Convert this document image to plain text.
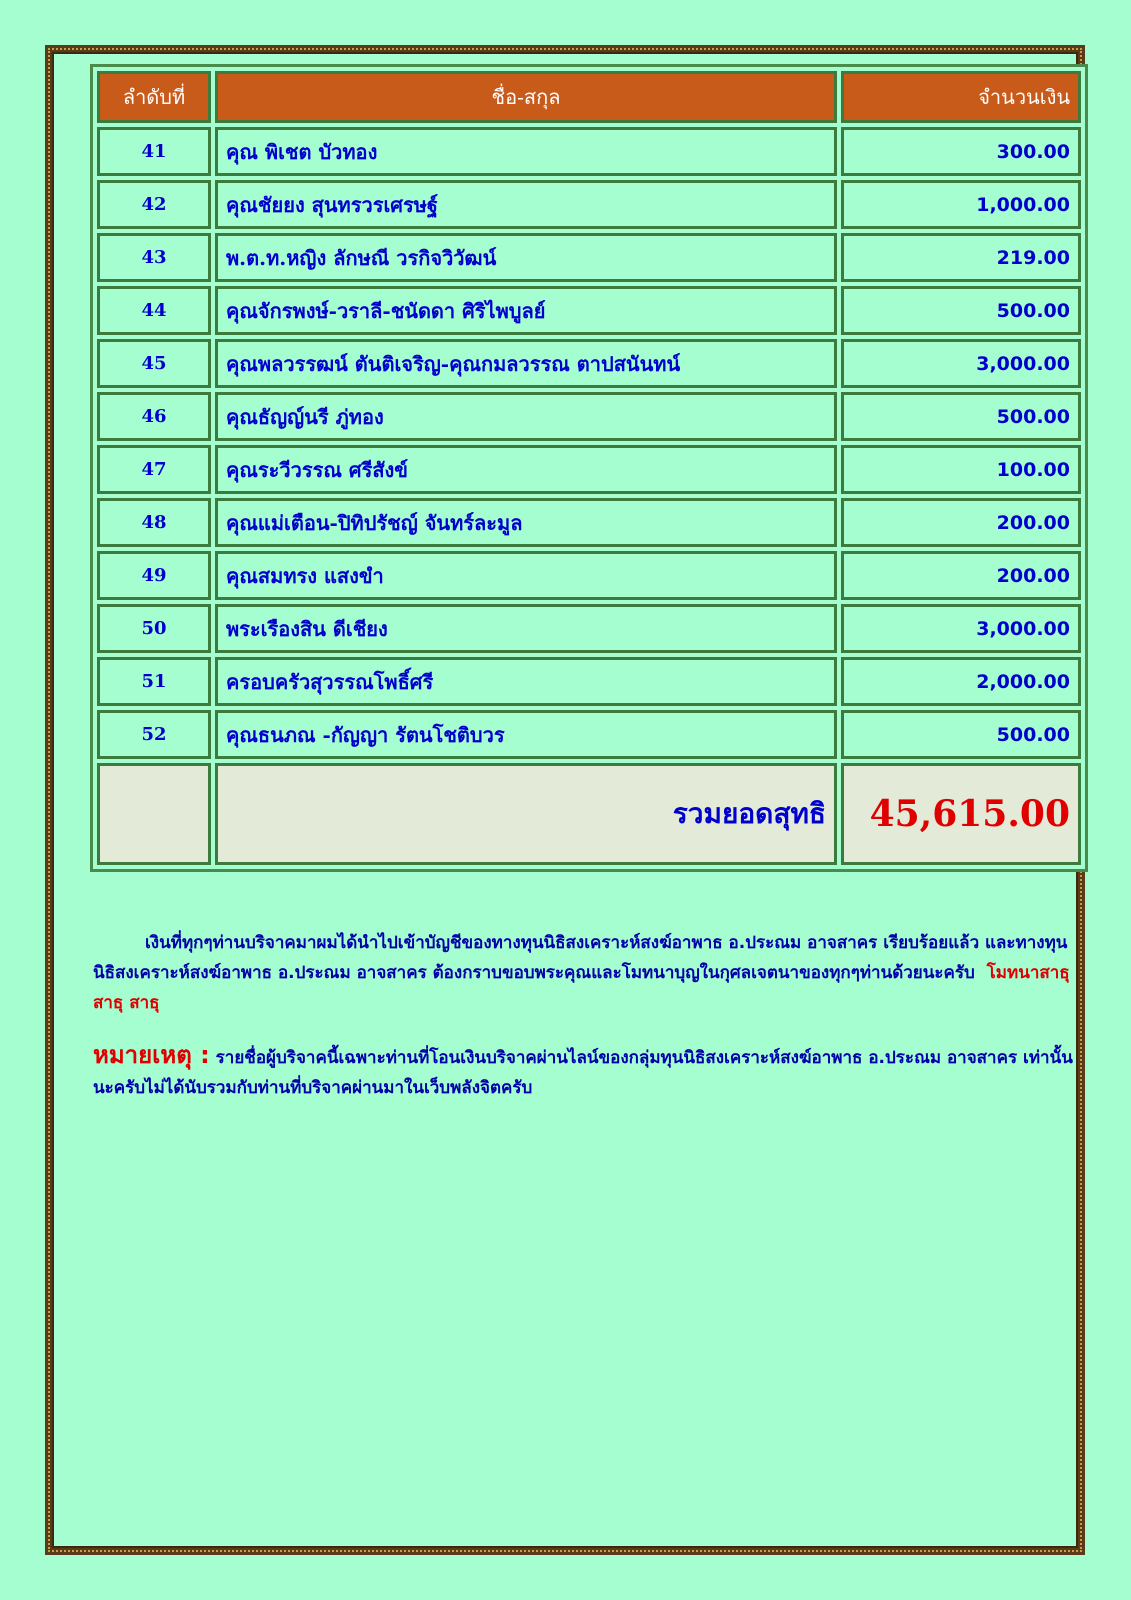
ลำดับที่	ชื่อ-สกุล	จำนวนเงิน
41	คุณ พิเชต บัวทอง	300.00
42	คุณชัยยง สุนทรวรเศรษฐ์	1,000.00
43	พ.ต.ท.หญิง ลักษณี วรกิจวิวัฒน์	219.00
44	คุณจักรพงษ์-วราลี-ชนัดดา ศิริไพบูลย์	500.00
45	คุณพลวรรฒน์ ตันติเจริญ-คุณกมลวรรณ ตาปสนันทน์	3,000.00
46	คุณธัญญ์นรี ภู่ทอง	500.00
47	คุณระวีวรรณ ศรีสังข์	100.00
48	คุณแม่เตือน-ปิทิปรัชญ์ จันทร์ละมูล	200.00
49	คุณสมทรง แสงขำ	200.00
50	พระเรืองสิน ดีเชียง	3,000.00
51	ครอบครัวสุวรรณโพธิ์ศรี	2,000.00
52	คุณธนภณ -กัญญา รัตนโชติบวร	500.00
	รวมยอดสุทธิ	45,615.00
เงินที่ทุกๆท่านบริจาคมาผมได้นำไปเข้าบัญชีของทางทุนนิธิสงเคราะห์สงฆ์อาพาธ อ.ประณม อาจสาคร เรียบร้อยแล้ว และทางทุนนิธิสงเคราะห์สงฆ์อาพาธ อ.ประณม อาจสาคร ต้องกราบขอบพระคุณและโมทนาบุญในกุศลเจตนาของทุกๆท่านด้วยนะครับ โมทนาสาธุ สาธุ สาธุ
หมายเหตุ : รายชื่อผู้บริจาคนี้เฉพาะท่านที่โอนเงินบริจาคผ่านไลน์ของกลุ่มทุนนิธิสงเคราะห์สงฆ์อาพาธ อ.ประณม อาจสาคร เท่านั้นนะครับไม่ได้นับรวมกับท่านที่บริจาคผ่านมาในเว็บพลังจิตครับ
